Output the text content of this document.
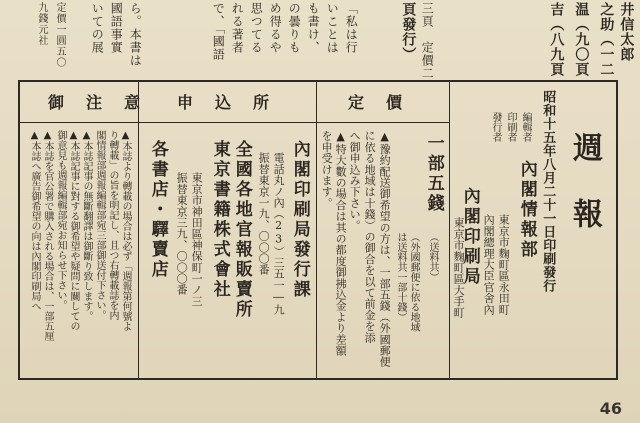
井信太郎
之助（一二
温（九〇頁
吉（八九頁
三頁　定價二
頁發行）
「私は行
いことは
も書け、
の曇りも
め得るや
思つてる
れる著者
で、「國語
ら。本書は
國語事實
いての展
定價一圓五〇
九錢元社
御注意 申込所	定價
週報
昭和十五年八月二十一日印刷發行
編輯者
內閣情報部
東京市麴町區永田町
內閣總理大臣官舍內
印刷者
發行者
內閣印刷局
東京市麴町區大手町
一部五錢
（送料共）
（外國郵便に依る地域
は送料共一部十錢）
▲豫約配送御希望の方は、一部五錢（外國郵便
に依る地域は十錢）の御合を以て前金を添
へ御申込み下さい。
▲特大數の場合は其の都度御拂込金より差額
を申受けます。
內閣印刷局發行課
電話丸ノ內（23）三五一―九
振替東京一九、〇〇〇番
全國各地官報販賣所
東京書籍株式會社
東京市神田區神保町一ノ三
振替東京三九、〇〇〇番
各書店・驛賣店
▲本誌より轉載の場合は必ず「週報第何號よ
り轉載」の旨を明記し、且つ右轉載誌を内
閣情報部週報編輯部宛三部御送付下さい。
▲本誌記事の無斷翻譯は御斷り致します。
▲本誌記事に對する御希望や疑問に關しての
御意見も週報編輯部宛お知らせ下さい。
▲本誌を官公署で購入される場合は、一部五厘
▲本誌へ廣告御希望の向は內閣印刷局へ
46
